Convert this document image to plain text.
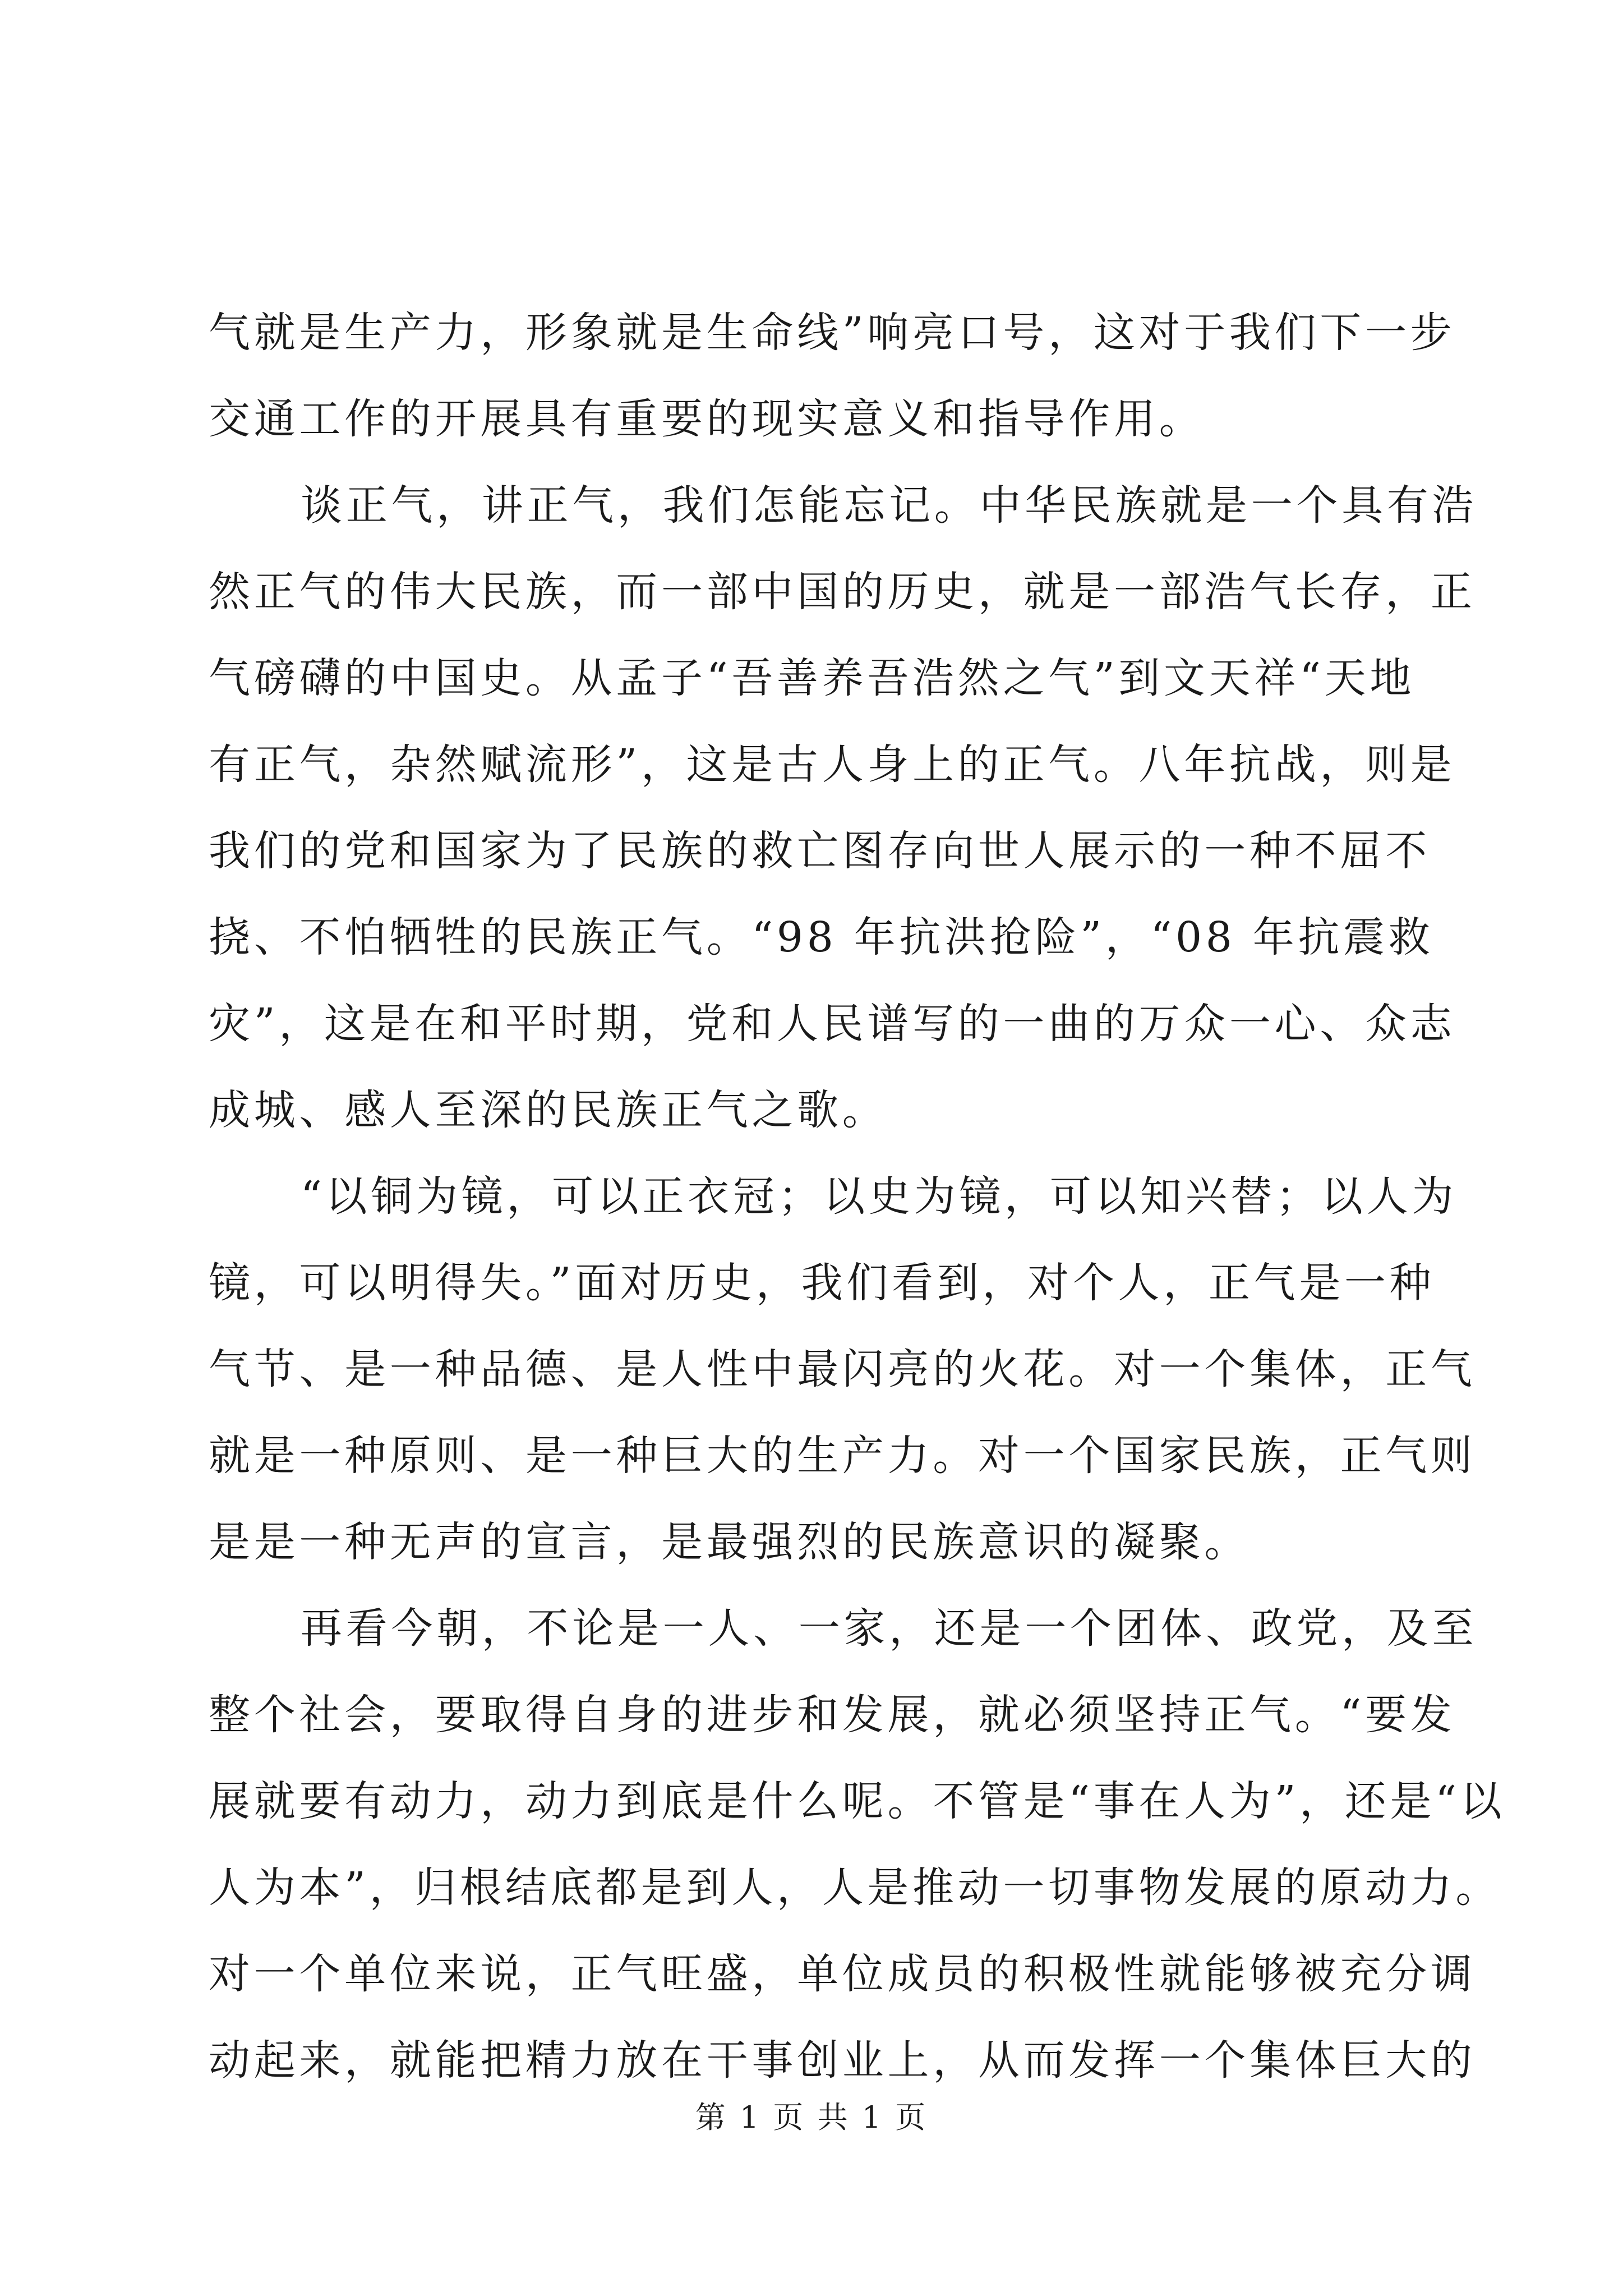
气就是生产力，形象就是生命线”响亮口号，这对于我们下一步

交通工作的开展具有重要的现实意义和指导作用。

谈正气，讲正气，我们怎能忘记。中华民族就是一个具有浩

然正气的伟大民族，而一部中国的历史，就是一部浩气长存，正

气磅礴的中国史。从孟子“吾善养吾浩然之气”到文天祥“天地

有正气，杂然赋流形”，这是古人身上的正气。八年抗战，则是

我们的党和国家为了民族的救亡图存向世人展示的一种不屈不

挠、不怕牺牲的民族正气。“98 年抗洪抢险”，“08 年抗震救

灾”，这是在和平时期，党和人民谱写的一曲的万众一心、众志

成城、感人至深的民族正气之歌。

“以铜为镜，可以正衣冠；以史为镜，可以知兴替；以人为

镜，可以明得失。”面对历史，我们看到，对个人，正气是一种

气节、是一种品德、是人性中最闪亮的火花。对一个集体，正气

就是一种原则、是一种巨大的生产力。对一个国家民族，正气则

是是一种无声的宣言，是最强烈的民族意识的凝聚。

再看今朝，不论是一人、一家，还是一个团体、政党，及至

整个社会，要取得自身的进步和发展，就必须坚持正气。“要发

展就要有动力，动力到底是什么呢。不管是“事在人为”，还是“以

人为本”，归根结底都是到人，人是推动一切事物发展的原动力。

对一个单位来说，正气旺盛，单位成员的积极性就能够被充分调

动起来，就能把精力放在干事创业上，从而发挥一个集体巨大的

第 1 页 共 1 页
